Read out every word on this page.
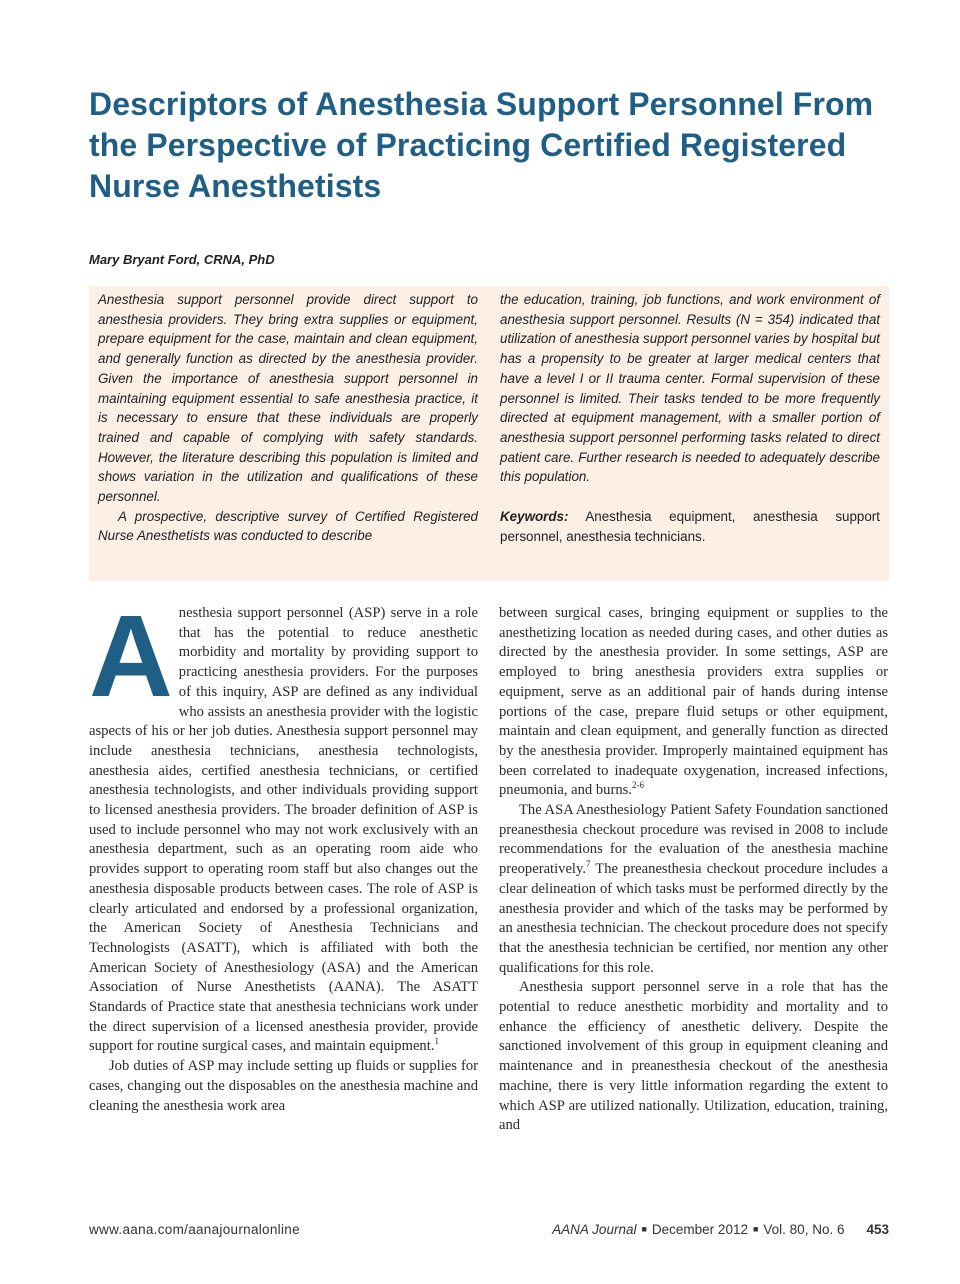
Descriptors of Anesthesia Support Personnel From the Perspective of Practicing Certified Registered Nurse Anesthetists
Mary Bryant Ford, CRNA, PhD

Anesthesia support personnel provide direct support to anesthesia providers. They bring extra supplies or equipment, prepare equipment for the case, maintain and clean equipment, and generally function as directed by the anesthesia provider. Given the importance of anesthesia support personnel in maintaining equipment essential to safe anesthesia practice, it is necessary to ensure that these individuals are properly trained and capable of complying with safety standards. However, the literature describing this population is limited and shows variation in the utilization and qualifications of these personnel.

A prospective, descriptive survey of Certified Registered Nurse Anesthetists was conducted to describe

the education, training, job functions, and work environment of anesthesia support personnel. Results (N = 354) indicated that utilization of anesthesia support personnel varies by hospital but has a propensity to be greater at larger medical centers that have a level I or II trauma center. Formal supervision of these personnel is limited. Their tasks tended to be more frequently directed at equipment management, with a smaller portion of anesthesia support personnel performing tasks related to direct patient care. Further research is needed to adequately describe this population.

Keywords: Anesthesia equipment, anesthesia support personnel, anesthesia technicians.

Anesthesia support personnel (ASP) serve in a role that has the potential to reduce anesthetic morbidity and mortality by providing support to practicing anesthesia providers. For the purposes of this inquiry, ASP are defined as any individual who assists an anesthesia provider with the logistic aspects of his or her job duties. Anesthesia support personnel may include anesthesia technicians, anesthesia technologists, anesthesia aides, certified anesthesia technicians, or certified anesthesia technologists, and other individuals providing support to licensed anesthesia providers. The broader definition of ASP is used to include personnel who may not work exclusively with an anesthesia department, such as an operating room aide who provides support to operating room staff but also changes out the anesthesia disposable products between cases. The role of ASP is clearly articulated and endorsed by a professional organization, the American Society of Anesthesia Technicians and Technologists (ASATT), which is affiliated with both the American Society of Anesthesiology (ASA) and the American Association of Nurse Anesthetists (AANA). The ASATT Standards of Practice state that anesthesia technicians work under the direct supervision of a licensed anesthesia provider, provide support for routine surgical cases, and maintain equipment.$^1$

Job duties of ASP may include setting up fluids or supplies for cases, changing out the disposables on the anesthesia machine and cleaning the anesthesia work area

between surgical cases, bringing equipment or supplies to the anesthetizing location as needed during cases, and other duties as directed by the anesthesia provider. In some settings, ASP are employed to bring anesthesia providers extra supplies or equipment, serve as an additional pair of hands during intense portions of the case, prepare fluid setups or other equipment, maintain and clean equipment, and generally function as directed by the anesthesia provider. Improperly maintained equipment has been correlated to inadequate oxygenation, increased infections, pneumonia, and burns.$^{2-6}$

The ASA Anesthesiology Patient Safety Foundation sanctioned preanesthesia checkout procedure was revised in 2008 to include recommendations for the evaluation of the anesthesia machine preoperatively.$^7$ The preanesthesia checkout procedure includes a clear delineation of which tasks must be performed directly by the anesthesia provider and which of the tasks may be performed by an anesthesia technician. The checkout procedure does not specify that the anesthesia technician be certified, nor mention any other qualifications for this role.

Anesthesia support personnel serve in a role that has the potential to reduce anesthetic morbidity and mortality and to enhance the efficiency of anesthetic delivery. Despite the sanctioned involvement of this group in equipment cleaning and maintenance and in preanesthesia checkout of the anesthesia machine, there is very little information regarding the extent to which ASP are utilized nationally. Utilization, education, training, and

www.aana.com/aanajournalonline	AANA Journal ■ December 2012 ■ Vol. 80, No. 6 453
